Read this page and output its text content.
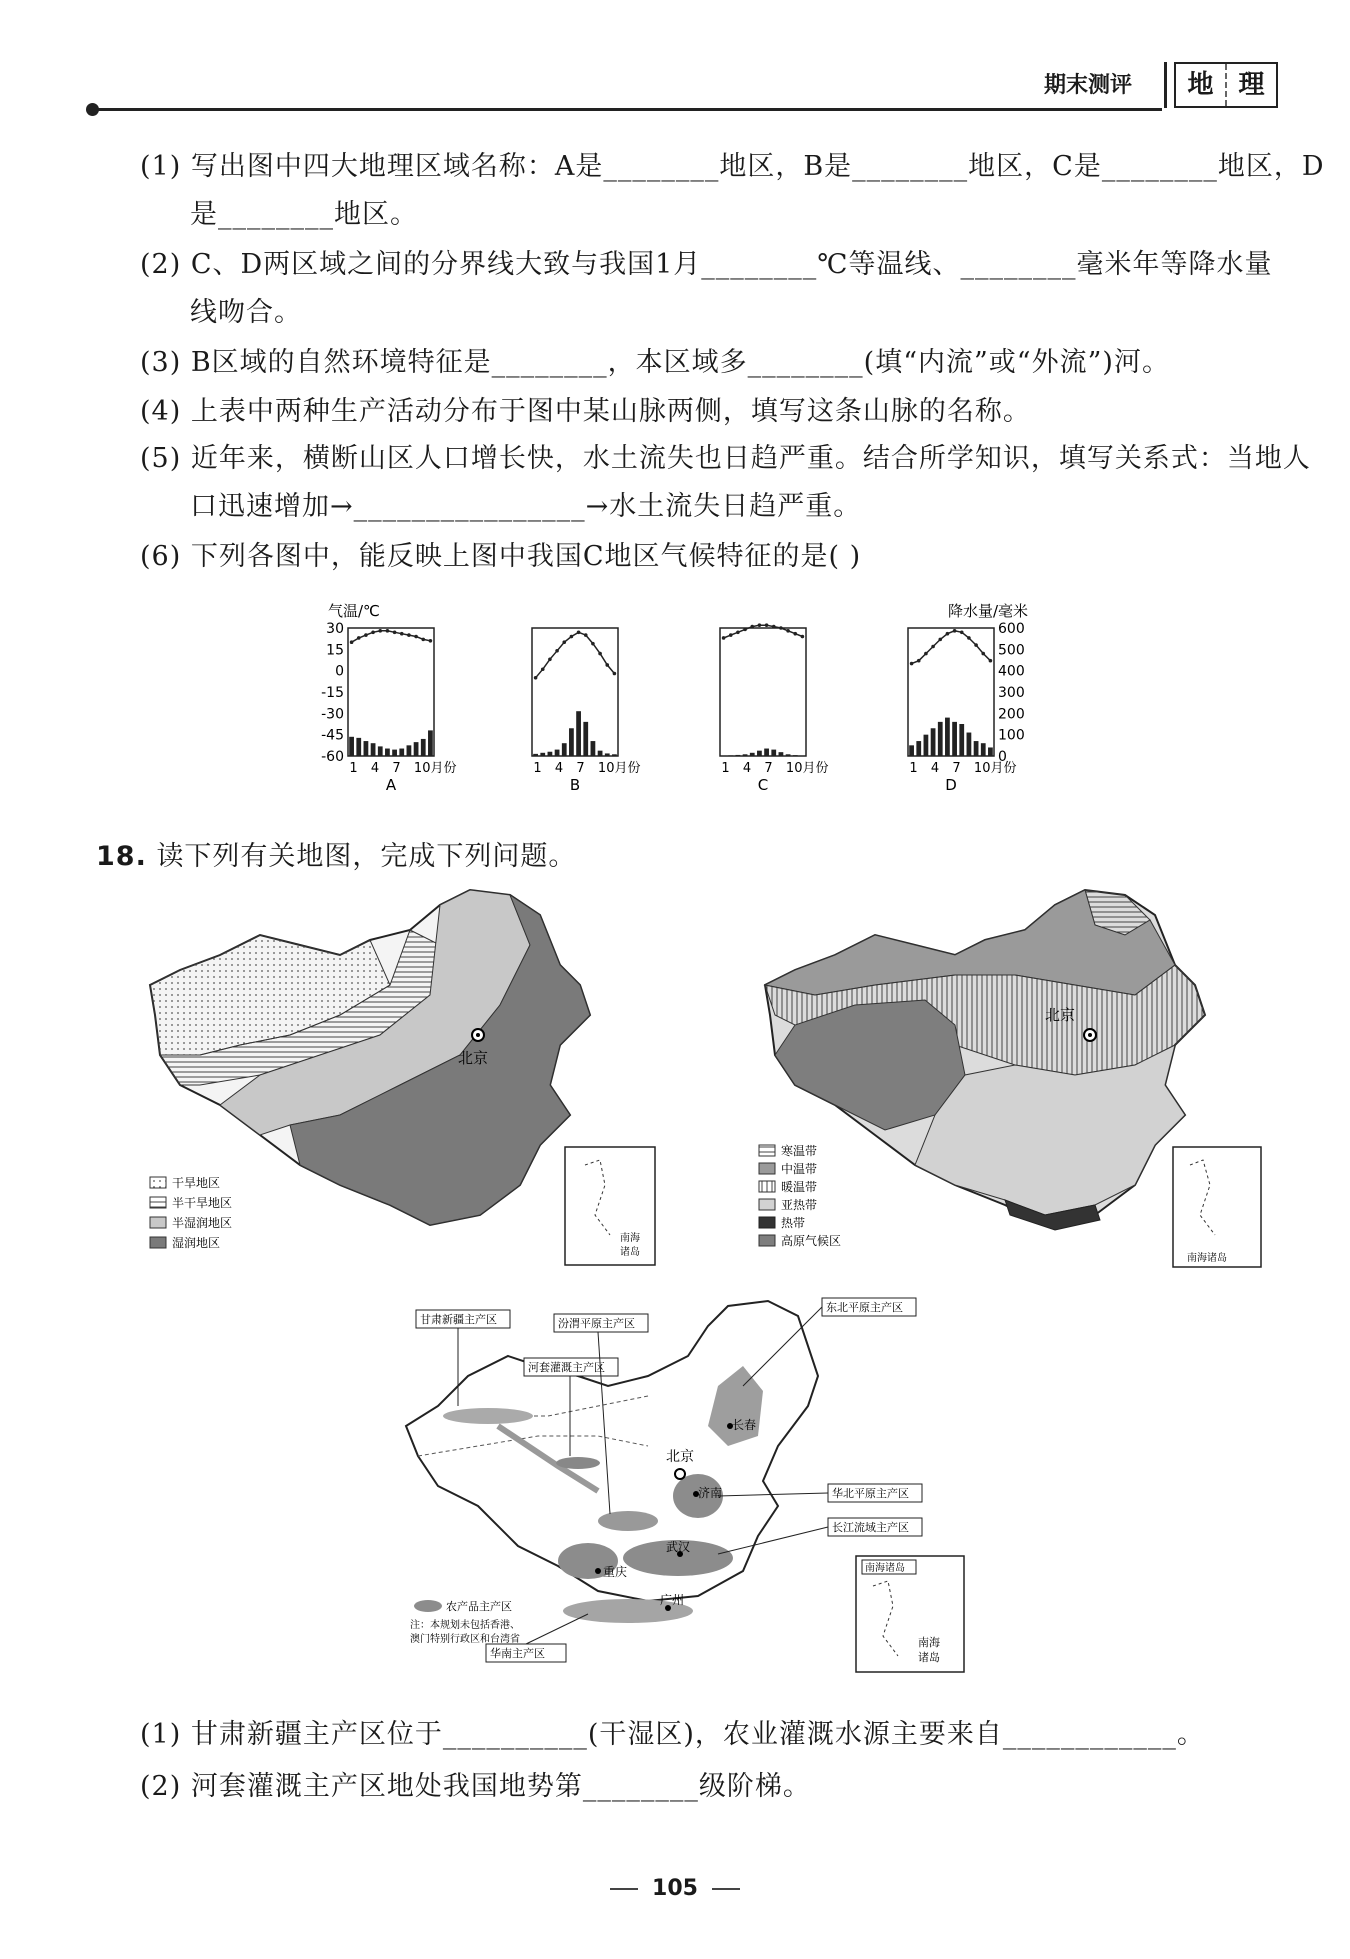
期末测评	地 理
(1) 写出图中四大地理区域名称：A是________地区，B是________地区，C是________地区，D
是________地区。
(2) C、D两区域之间的分界线大致与我国1月________℃等温线、________毫米年等降水量
线吻合。
(3) B区域的自然环境特征是________，本区域多________(填“内流”或“外流”)河。
(4) 上表中两种生产活动分布于图中某山脉两侧，填写这条山脉的名称。
(5) 近年来，横断山区人口增长快，水土流失也日趋严重。结合所学知识，填写关系式：当地人
口迅速增加→________________→水土流失日趋严重。
(6) 下列各图中，能反映上图中我国C地区气候特征的是( )
气温/℃	降水量/毫米
30
15
0
-15
-30
-45
-60
600
500
400
300
200
100
0
1 4 7 10月份
A
1 4 7 10月份
B
1 4 7 10月份
C
1 4 7 10月份
D
18. 读下列有关地图，完成下列问题。
北京
干旱地区
半干旱地区
半湿润地区
湿润地区	南海
诸岛
北京
寒温带
中温带
暖温带
亚热带
热带
高原气候区
南海诸岛
甘肃新疆主产区
河套灌溉主产区
汾渭平原主产区
东北平原主产区
华北平原主产区
长江流域主产区
华南主产区
北京
长春
济南
武汉
重庆
广州
农产品主产区
注：本规划未包括香港、
澳门特别行政区和台湾省
南海诸岛
南海
诸岛
(1) 甘肃新疆主产区位于__________(干湿区)，农业灌溉水源主要来自____________。
(2) 河套灌溉主产区地处我国地势第________级阶梯。
105
